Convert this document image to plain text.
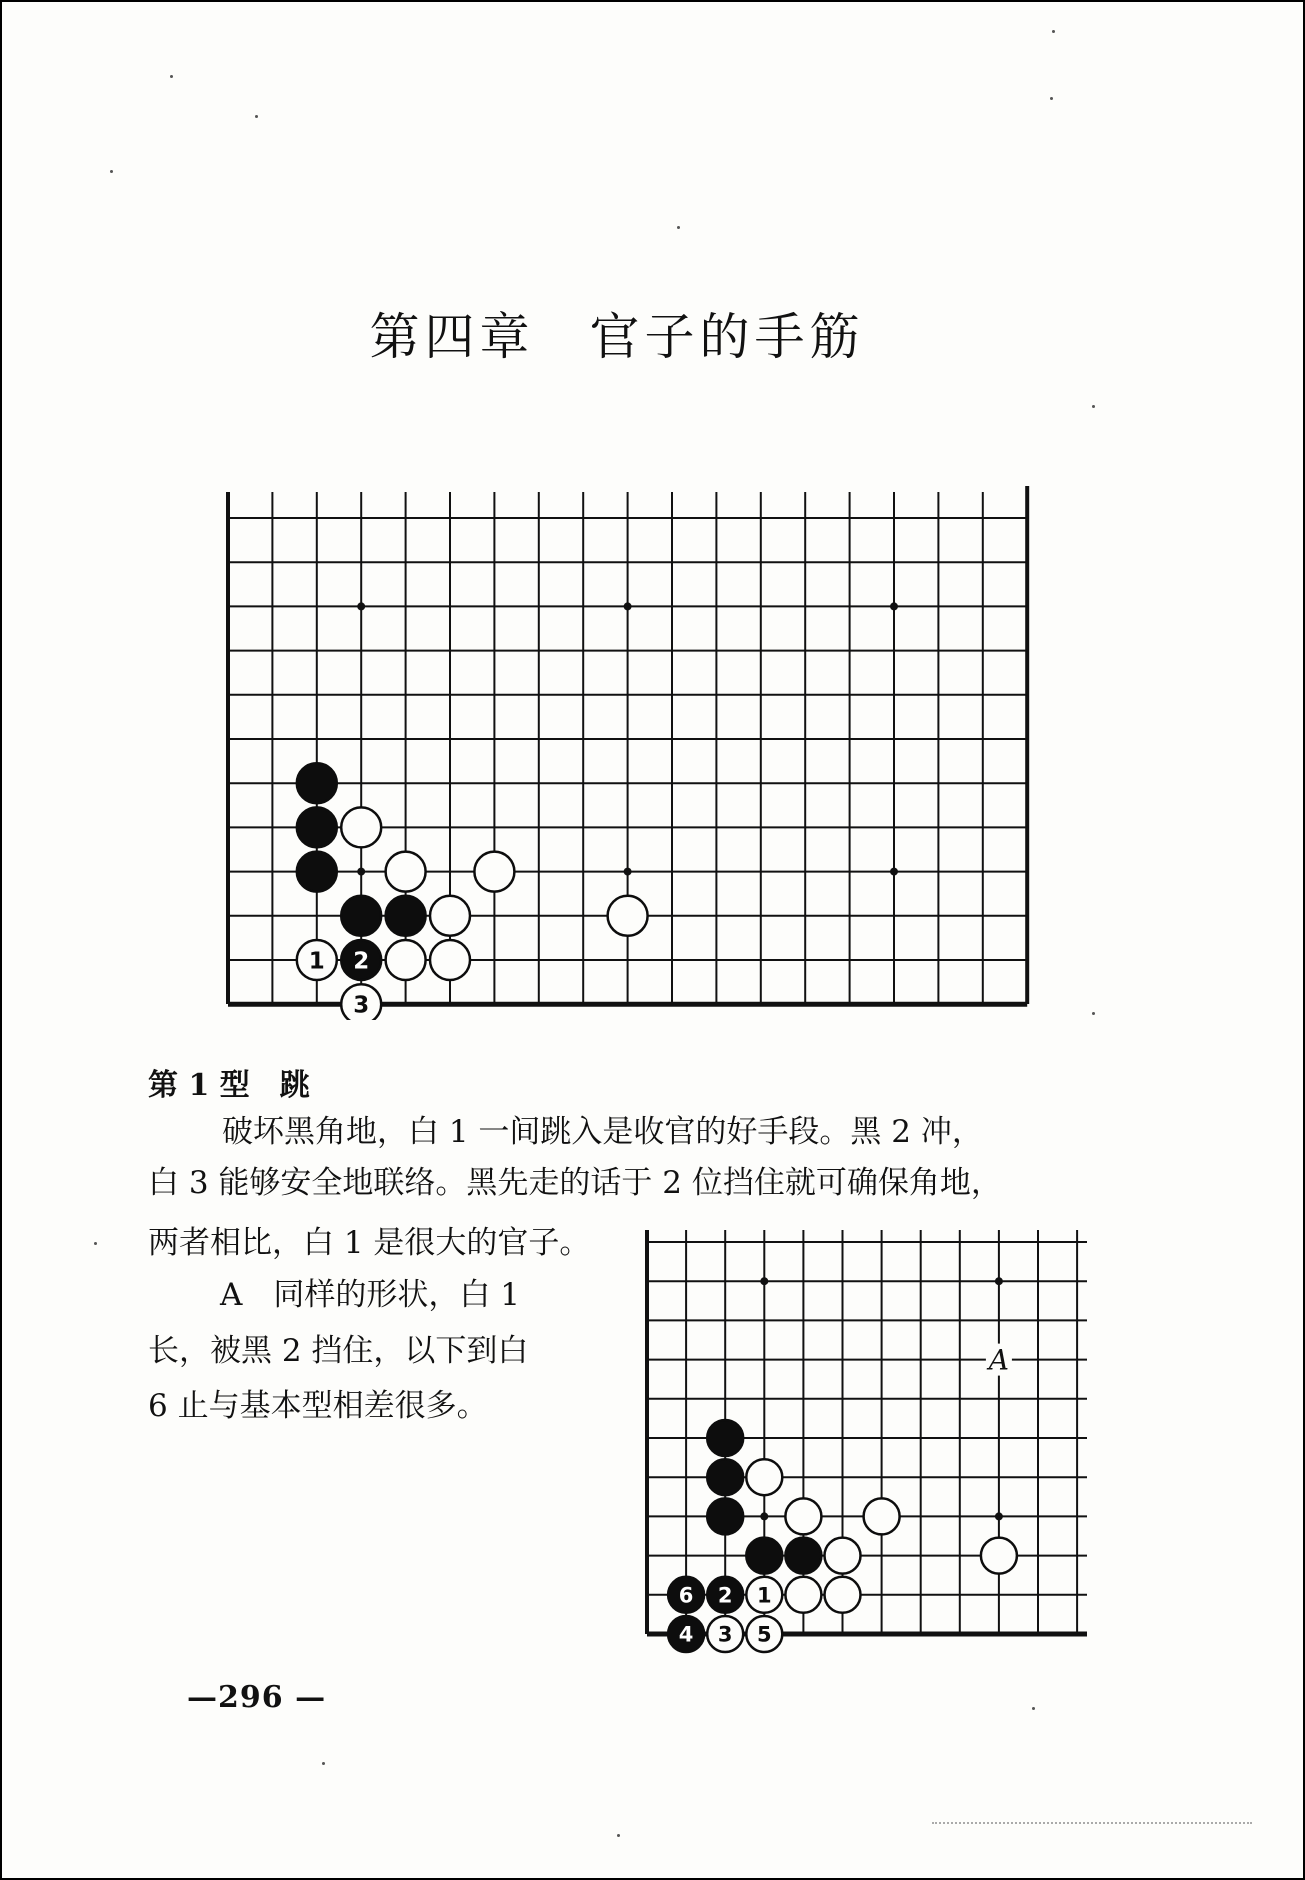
第四章　官子的手筋
1 2
3
第 1 型　跳
破坏黑角地，白 1 一间跳入是收官的好手段。黑 2 冲，
白 3 能够安全地联络。黑先走的话于 2 位挡住就可确保角地，
两者相比，白 1 是很大的官子。
A　同样的形状，白 1
长，被黑 2 挡住，以下到白
6 止与基本型相差很多。
A
6 2 1
4 3 5
—296 —
